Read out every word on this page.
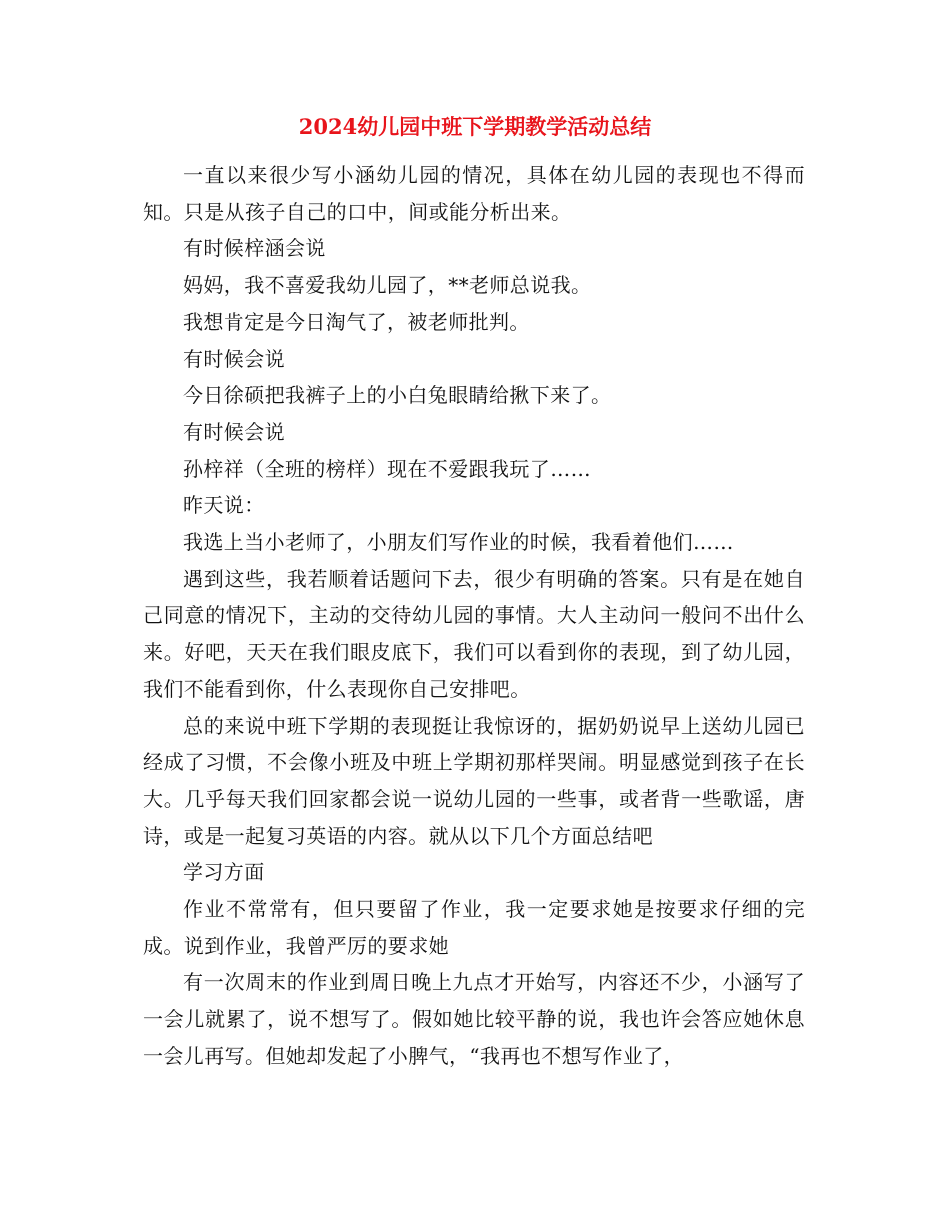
2024幼儿园中班下学期教学活动总结

一直以来很少写小涵幼儿园的情况，具体在幼儿园的表现也不得而知。只是从孩子自己的口中，间或能分析出来。

有时候梓涵会说

妈妈，我不喜爱我幼儿园了，**老师总说我。

我想肯定是今日淘气了，被老师批判。

有时候会说

今日徐硕把我裤子上的小白兔眼睛给揪下来了。

有时候会说

孙梓祥（全班的榜样）现在不爱跟我玩了……

昨天说：

我选上当小老师了，小朋友们写作业的时候，我看着他们……

遇到这些，我若顺着话题问下去，很少有明确的答案。只有是在她自己同意的情况下，主动的交待幼儿园的事情。大人主动问一般问不出什么来。好吧，天天在我们眼皮底下，我们可以看到你的表现，到了幼儿园，我们不能看到你，什么表现你自己安排吧。

总的来说中班下学期的表现挺让我惊讶的，据奶奶说早上送幼儿园已经成了习惯，不会像小班及中班上学期初那样哭闹。明显感觉到孩子在长大。几乎每天我们回家都会说一说幼儿园的一些事，或者背一些歌谣，唐诗，或是一起复习英语的内容。就从以下几个方面总结吧

学习方面

作业不常常有，但只要留了作业，我一定要求她是按要求仔细的完成。说到作业，我曾严厉的要求她

有一次周末的作业到周日晚上九点才开始写，内容还不少，小涵写了一会儿就累了，说不想写了。假如她比较平静的说，我也许会答应她休息一会儿再写。但她却发起了小脾气，“我再也不想写作业了，
